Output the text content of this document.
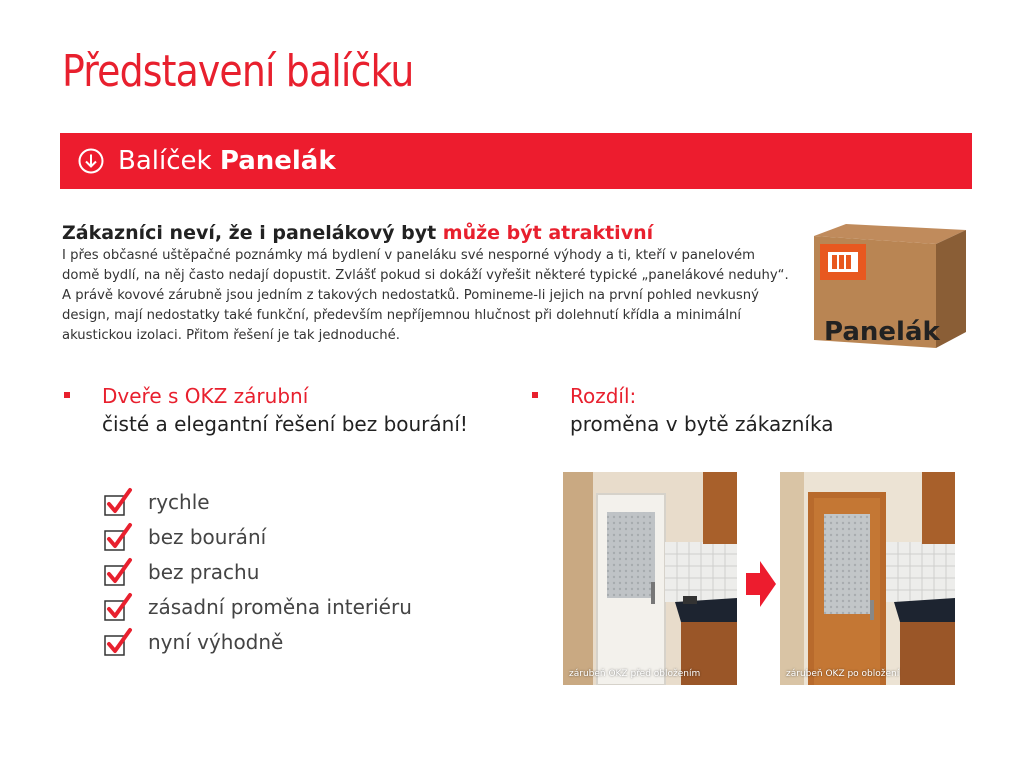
Představení balíčku
Balíček Panelák

Zákazníci neví, že i panelákový byt může být atraktivní

I přes občasné uštěpačné poznámky má bydlení v paneláku své nesporné výhody a ti, kteří v panelovém domě bydlí, na něj často nedají dopustit. Zvlášť pokud si dokáží vyřešit některé typické „panelákové neduhy“. A právě kovové zárubně jsou jedním z takových nedostatků. Pomineme-li jejich na první pohled nevkusný design, mají nedostatky také funkční, především nepříjemnou hlučnost při dolehnutí křídla a minimální akustickou izolaci. Přitom řešení je tak jednoduché.	Panelák
Dveře s OKZ zárubní
čisté a elegantní řešení bez bourání!
Rozdíl:
proměna v bytě zákazníka
rychle
bez bourání
bez prachu
zásadní proměna interiéru
nyní výhodně
zárubeň OKZ před obložením	zárubeň OKZ po obložení
